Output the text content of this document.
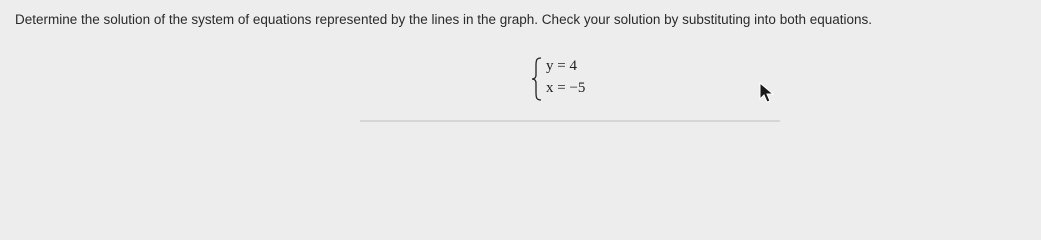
Determine the solution of the system of equations represented by the lines in the graph. Check your solution by substituting into both equations.

y = 4
x = −5
